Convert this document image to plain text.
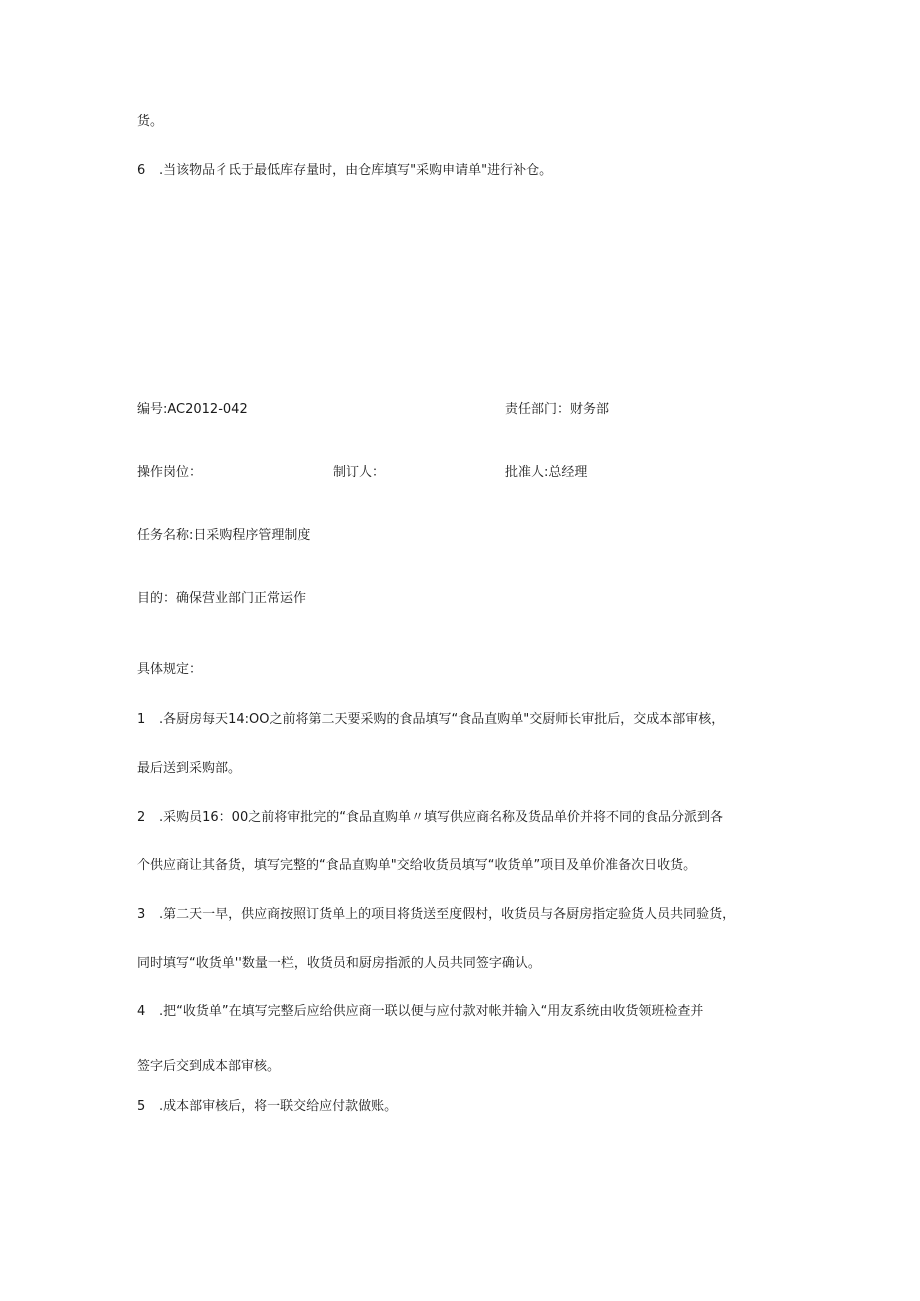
货。
6 .当该物品彳氐于最低库存量时，由仓库填写"采购申请单"进行补仓。
编号:AC2012-042	责任部门：财务部
操作岗位：	制订人：	批准人:总经理
任务名称:日采购程序管理制度
目的：确保营业部门正常运作
具体规定：
1 .各厨房每天14:OO之前将第二天要采购的食品填写“食品直购单"交厨师长审批后，交成本部审核，
最后送到采购部。
2 .采购员16：00之前将审批完的“食品直购单〃填写供应商名称及货品单价并将不同的食品分派到各
个供应商让其备货，填写完整的“食品直购单"交给收货员填写“收货单”项目及单价准备次日收货。
3 .第二天一早，供应商按照订货单上的项目将货送至度假村，收货员与各厨房指定验货人员共同验货，
同时填写“收货单''数量一栏，收货员和厨房指派的人员共同签字确认。
4 .把“收货单”在填写完整后应给供应商一联以便与应付款对帐并输入“用友系统由收货领班检查并
签字后交到成本部审核。
5 .成本部审核后，将一联交给应付款做账。
